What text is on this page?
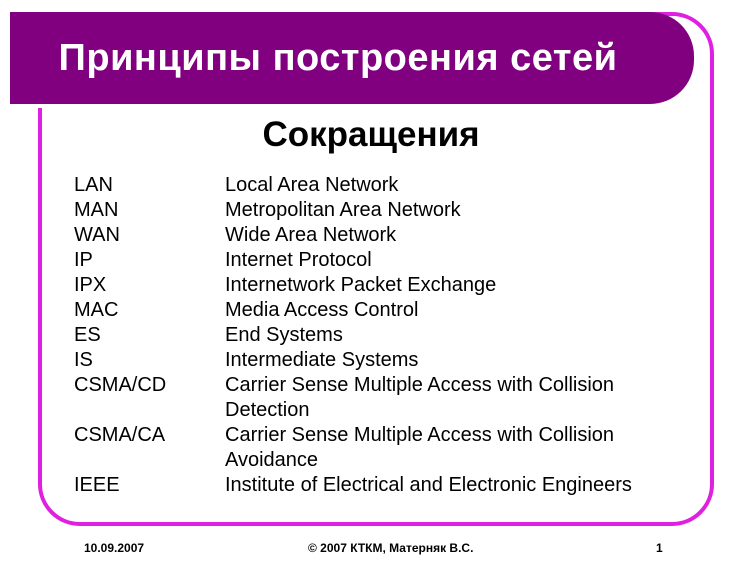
Принципы построения сетей
Сокращения
LAN	Local Area Network
MAN	Metropolitan Area Network
WAN	Wide Area Network
IP	Internet Protocol
IPX	Internetwork Packet Exchange
MAC	Media Access Control
ES	End Systems
IS	Intermediate Systems
CSMA/CD	Carrier Sense Multiple Access with Collision
Detection
CSMA/CA	Carrier Sense Multiple Access with Collision
Avoidance
IEEE	Institute of Electrical and Electronic Engineers
10.09.2007	© 2007 КТКМ, Матерняк В.С.	1
